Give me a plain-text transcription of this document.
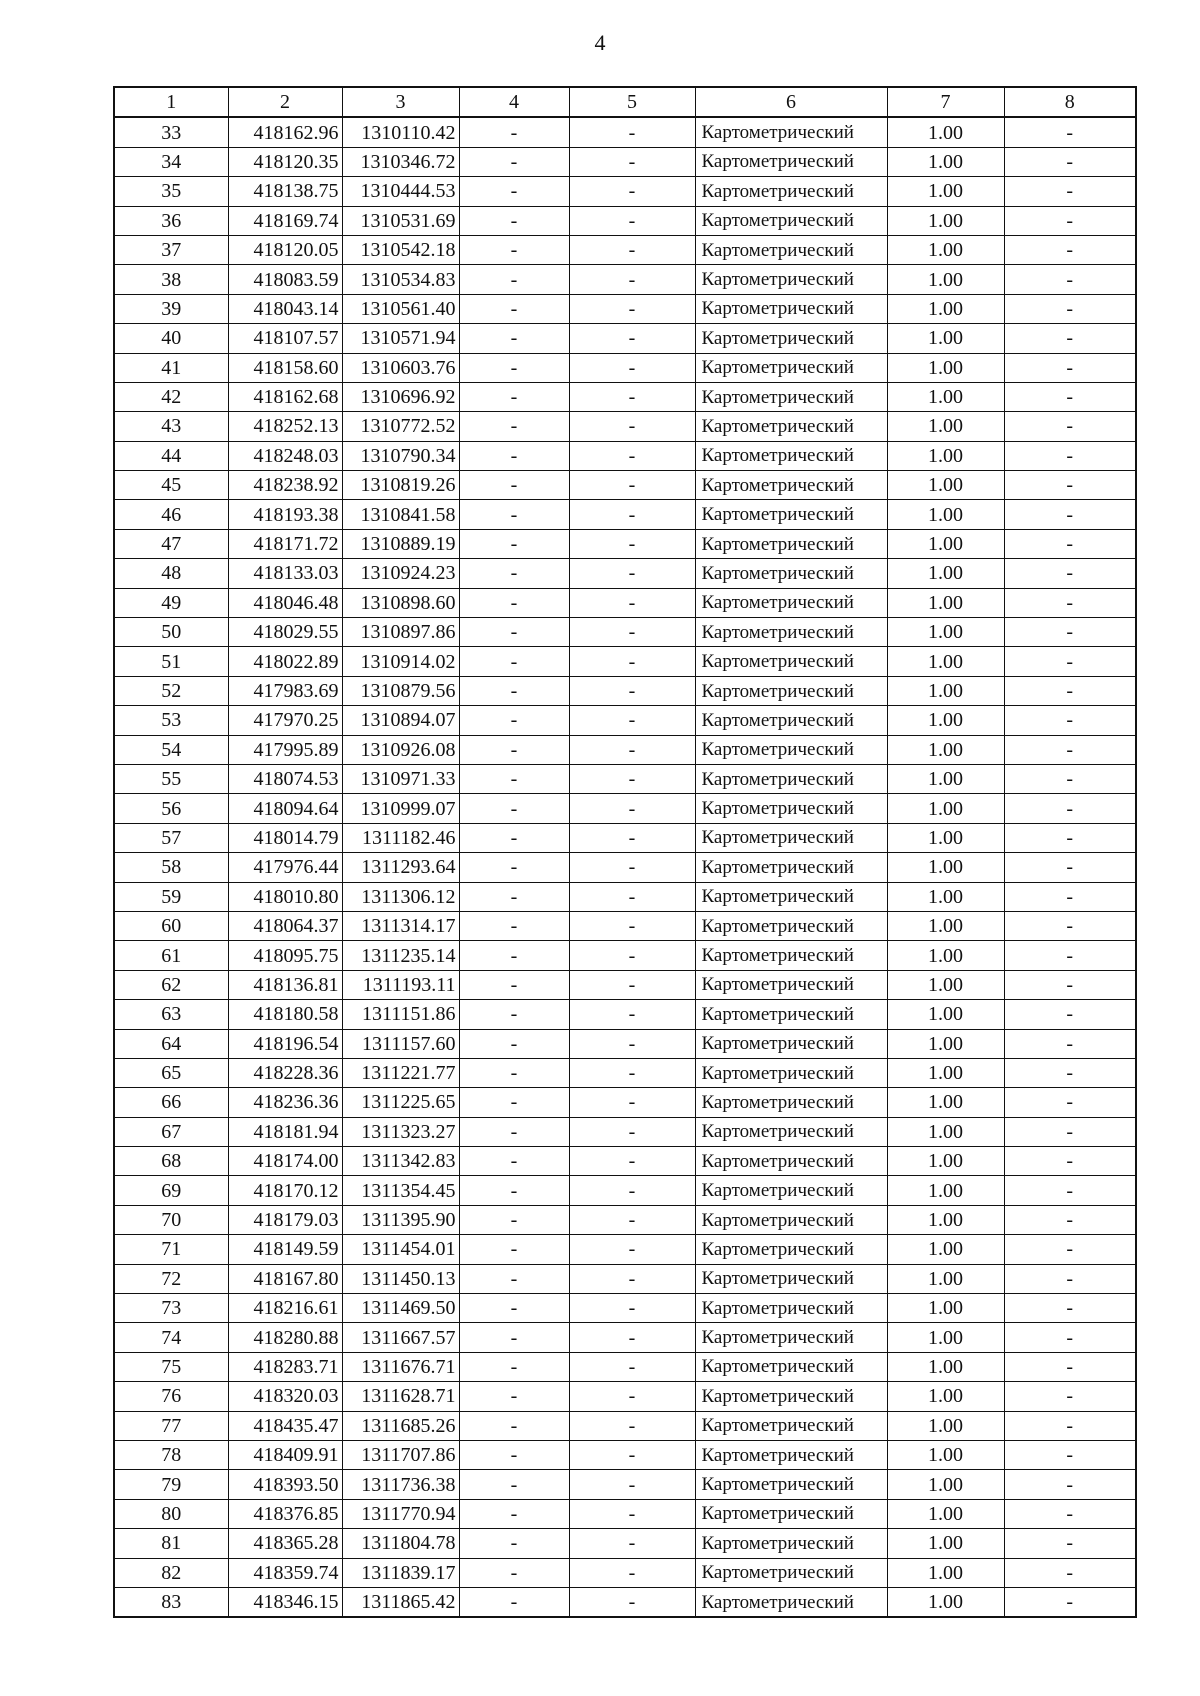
4
1	2	3	4	5	6	7	8
33	418162.96	1310110.42	-	-	Картометрический	1.00	-
34	418120.35	1310346.72	-	-	Картометрический	1.00	-
35	418138.75	1310444.53	-	-	Картометрический	1.00	-
36	418169.74	1310531.69	-	-	Картометрический	1.00	-
37	418120.05	1310542.18	-	-	Картометрический	1.00	-
38	418083.59	1310534.83	-	-	Картометрический	1.00	-
39	418043.14	1310561.40	-	-	Картометрический	1.00	-
40	418107.57	1310571.94	-	-	Картометрический	1.00	-
41	418158.60	1310603.76	-	-	Картометрический	1.00	-
42	418162.68	1310696.92	-	-	Картометрический	1.00	-
43	418252.13	1310772.52	-	-	Картометрический	1.00	-
44	418248.03	1310790.34	-	-	Картометрический	1.00	-
45	418238.92	1310819.26	-	-	Картометрический	1.00	-
46	418193.38	1310841.58	-	-	Картометрический	1.00	-
47	418171.72	1310889.19	-	-	Картометрический	1.00	-
48	418133.03	1310924.23	-	-	Картометрический	1.00	-
49	418046.48	1310898.60	-	-	Картометрический	1.00	-
50	418029.55	1310897.86	-	-	Картометрический	1.00	-
51	418022.89	1310914.02	-	-	Картометрический	1.00	-
52	417983.69	1310879.56	-	-	Картометрический	1.00	-
53	417970.25	1310894.07	-	-	Картометрический	1.00	-
54	417995.89	1310926.08	-	-	Картометрический	1.00	-
55	418074.53	1310971.33	-	-	Картометрический	1.00	-
56	418094.64	1310999.07	-	-	Картометрический	1.00	-
57	418014.79	1311182.46	-	-	Картометрический	1.00	-
58	417976.44	1311293.64	-	-	Картометрический	1.00	-
59	418010.80	1311306.12	-	-	Картометрический	1.00	-
60	418064.37	1311314.17	-	-	Картометрический	1.00	-
61	418095.75	1311235.14	-	-	Картометрический	1.00	-
62	418136.81	1311193.11	-	-	Картометрический	1.00	-
63	418180.58	1311151.86	-	-	Картометрический	1.00	-
64	418196.54	1311157.60	-	-	Картометрический	1.00	-
65	418228.36	1311221.77	-	-	Картометрический	1.00	-
66	418236.36	1311225.65	-	-	Картометрический	1.00	-
67	418181.94	1311323.27	-	-	Картометрический	1.00	-
68	418174.00	1311342.83	-	-	Картометрический	1.00	-
69	418170.12	1311354.45	-	-	Картометрический	1.00	-
70	418179.03	1311395.90	-	-	Картометрический	1.00	-
71	418149.59	1311454.01	-	-	Картометрический	1.00	-
72	418167.80	1311450.13	-	-	Картометрический	1.00	-
73	418216.61	1311469.50	-	-	Картометрический	1.00	-
74	418280.88	1311667.57	-	-	Картометрический	1.00	-
75	418283.71	1311676.71	-	-	Картометрический	1.00	-
76	418320.03	1311628.71	-	-	Картометрический	1.00	-
77	418435.47	1311685.26	-	-	Картометрический	1.00	-
78	418409.91	1311707.86	-	-	Картометрический	1.00	-
79	418393.50	1311736.38	-	-	Картометрический	1.00	-
80	418376.85	1311770.94	-	-	Картометрический	1.00	-
81	418365.28	1311804.78	-	-	Картометрический	1.00	-
82	418359.74	1311839.17	-	-	Картометрический	1.00	-
83	418346.15	1311865.42	-	-	Картометрический	1.00	-
